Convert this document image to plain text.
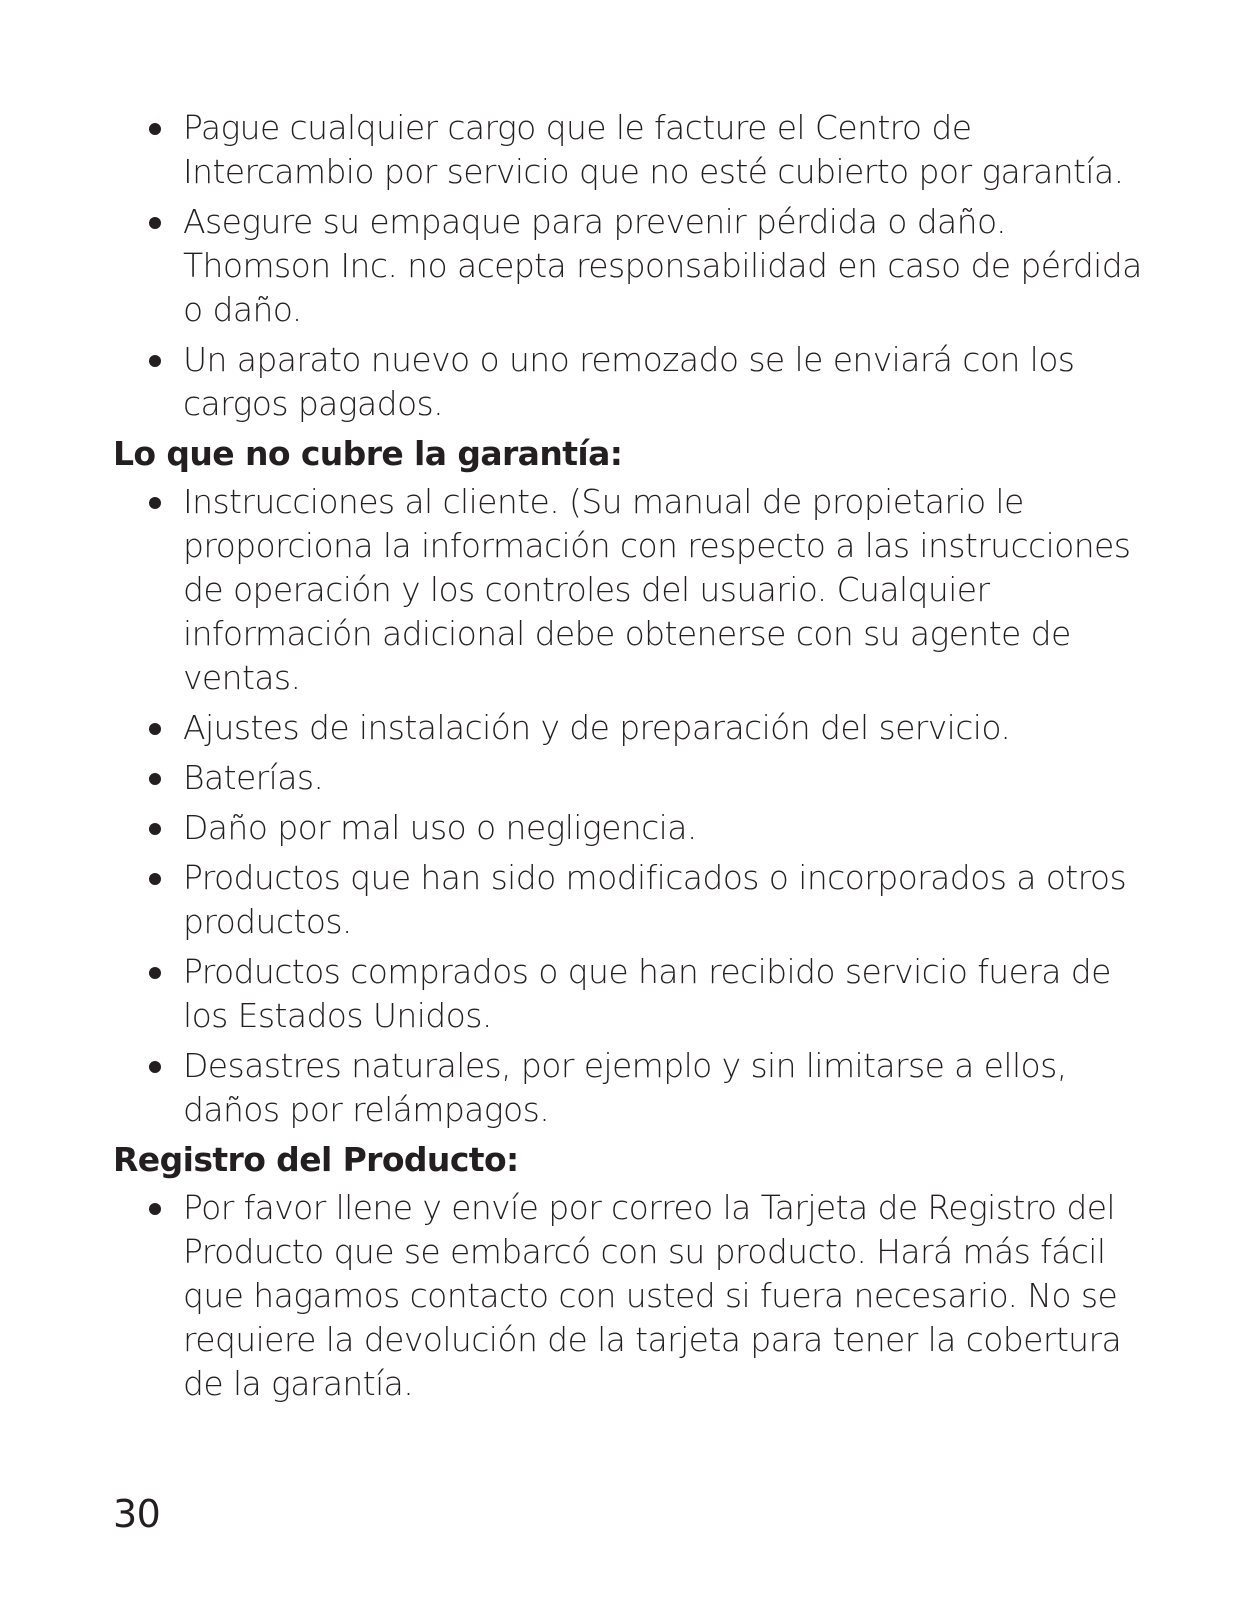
Pague cualquier cargo que le facture el Centro de Intercambio por servicio que no esté cubierto por garantía.
Asegure su empaque para prevenir pérdida o daño. Thomson Inc. no acepta responsabilidad en caso de pérdida o daño.
Un aparato nuevo o uno remozado se le enviará con los cargos pagados.
Lo que no cubre la garantía:
Instrucciones al cliente. (Su manual de propietario le proporciona la información con respecto a las instrucciones de operación y los controles del usuario. Cualquier información adicional debe obtenerse con su agente de ventas.
Ajustes de instalación y de preparación del servicio.
Baterías.
Daño por mal uso o negligencia.
Productos que han sido modificados o incorporados a otros productos.
Productos comprados o que han recibido servicio fuera de los Estados Unidos.
Desastres naturales, por ejemplo y sin limitarse a ellos, daños por relámpagos.
Registro del Producto:
Por favor llene y envíe por correo la Tarjeta de Registro del Producto que se embarcó con su producto. Hará más fácil que hagamos contacto con usted si fuera necesario. No se requiere la devolución de la tarjeta para tener la cobertura de la garantía.
30
